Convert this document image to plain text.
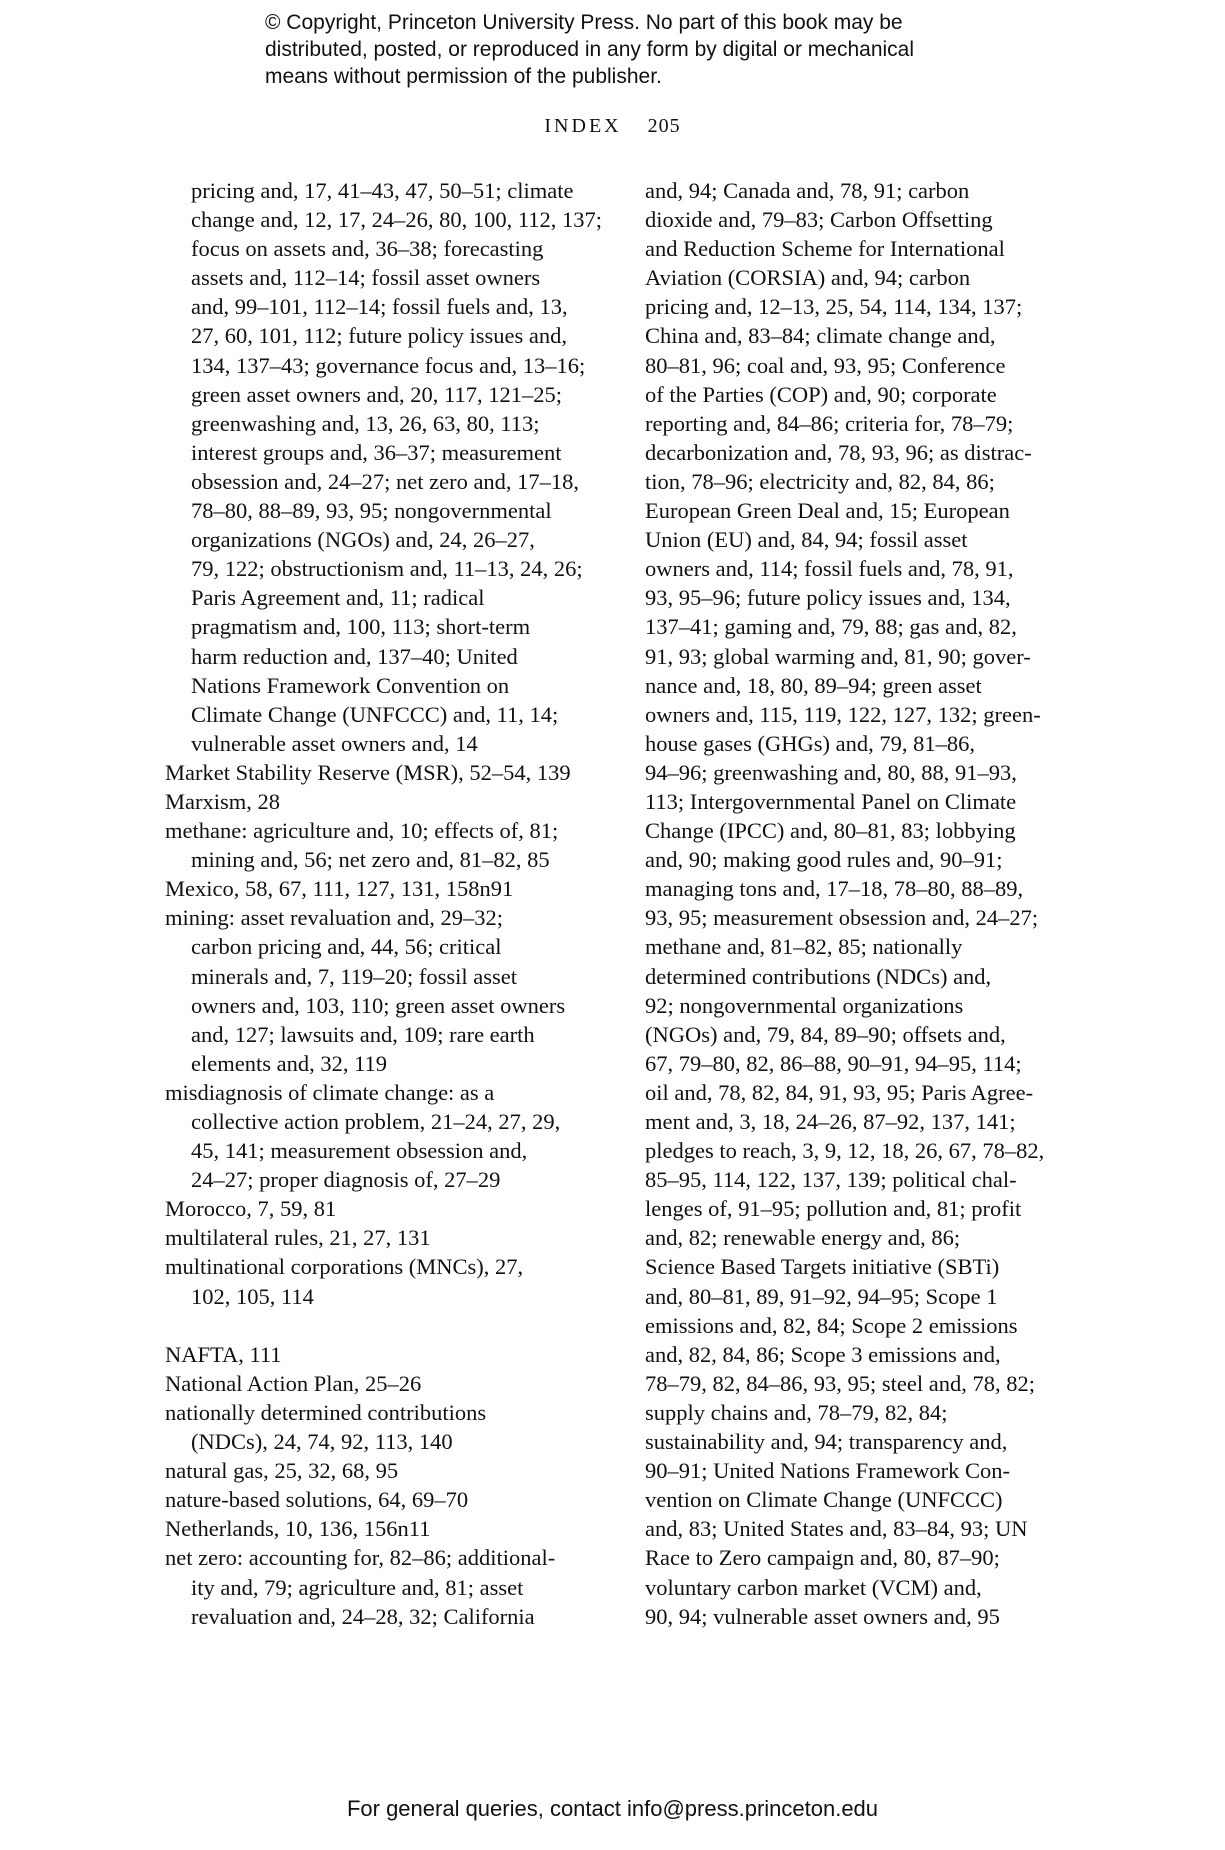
© Copyright, Princeton University Press. No part of this book may be
distributed, posted, or reproduced in any form by digital or mechanical
means without permission of the publisher.
INDEX 205
pricing and, 17, 41–43, 47, 50–51; climate
change and, 12, 17, 24–26, 80, 100, 112, 137;
focus on assets and, 36–38; forecasting
assets and, 112–14; fossil asset owners
and, 99–101, 112–14; fossil fuels and, 13,
27, 60, 101, 112; future policy issues and,
134, 137–43; governance focus and, 13–16;
green asset owners and, 20, 117, 121–25;
greenwashing and, 13, 26, 63, 80, 113;
interest groups and, 36–37; measurement
obsession and, 24–27; net zero and, 17–18,
78–80, 88–89, 93, 95; nongovernmental
organizations (NGOs) and, 24, 26–27,
79, 122; obstructionism and, 11–13, 24, 26;
Paris Agreement and, 11; radical
pragmatism and, 100, 113; short-term
harm reduction and, 137–40; United
Nations Framework Convention on
Climate Change (UNFCCC) and, 11, 14;
vulnerable asset owners and, 14
Market Stability Reserve (MSR), 52–54, 139
Marxism, 28
methane: agriculture and, 10; effects of, 81;
mining and, 56; net zero and, 81–82, 85
Mexico, 58, 67, 111, 127, 131, 158n91
mining: asset revaluation and, 29–32;
carbon pricing and, 44, 56; critical
minerals and, 7, 119–20; fossil asset
owners and, 103, 110; green asset owners
and, 127; lawsuits and, 109; rare earth
elements and, 32, 119
misdiagnosis of climate change: as a
collective action problem, 21–24, 27, 29,
45, 141; measurement obsession and,
24–27; proper diagnosis of, 27–29
Morocco, 7, 59, 81
multilateral rules, 21, 27, 131
multinational corporations (MNCs), 27,
102, 105, 114
NAFTA, 111
National Action Plan, 25–26
nationally determined contributions
(NDCs), 24, 74, 92, 113, 140
natural gas, 25, 32, 68, 95
nature-based solutions, 64, 69–70
Netherlands, 10, 136, 156n11
net zero: accounting for, 82–86; additional-
ity and, 79; agriculture and, 81; asset
revaluation and, 24–28, 32; California
and, 94; Canada and, 78, 91; carbon
dioxide and, 79–83; Carbon Offsetting
and Reduction Scheme for International
Aviation (CORSIA) and, 94; carbon
pricing and, 12–13, 25, 54, 114, 134, 137;
China and, 83–84; climate change and,
80–81, 96; coal and, 93, 95; Conference
of the Parties (COP) and, 90; corporate
reporting and, 84–86; criteria for, 78–79;
decarbonization and, 78, 93, 96; as distrac-
tion, 78–96; electricity and, 82, 84, 86;
European Green Deal and, 15; European
Union (EU) and, 84, 94; fossil asset
owners and, 114; fossil fuels and, 78, 91,
93, 95–96; future policy issues and, 134,
137–41; gaming and, 79, 88; gas and, 82,
91, 93; global warming and, 81, 90; gover-
nance and, 18, 80, 89–94; green asset
owners and, 115, 119, 122, 127, 132; green-
house gases (GHGs) and, 79, 81–86,
94–96; greenwashing and, 80, 88, 91–93,
113; Intergovernmental Panel on Climate
Change (IPCC) and, 80–81, 83; lobbying
and, 90; making good rules and, 90–91;
managing tons and, 17–18, 78–80, 88–89,
93, 95; measurement obsession and, 24–27;
methane and, 81–82, 85; nationally
determined contributions (NDCs) and,
92; nongovernmental organizations
(NGOs) and, 79, 84, 89–90; offsets and,
67, 79–80, 82, 86–88, 90–91, 94–95, 114;
oil and, 78, 82, 84, 91, 93, 95; Paris Agree-
ment and, 3, 18, 24–26, 87–92, 137, 141;
pledges to reach, 3, 9, 12, 18, 26, 67, 78–82,
85–95, 114, 122, 137, 139; political chal-
lenges of, 91–95; pollution and, 81; profit
and, 82; renewable energy and, 86;
Science Based Targets initiative (SBTi)
and, 80–81, 89, 91–92, 94–95; Scope 1
emissions and, 82, 84; Scope 2 emissions
and, 82, 84, 86; Scope 3 emissions and,
78–79, 82, 84–86, 93, 95; steel and, 78, 82;
supply chains and, 78–79, 82, 84;
sustainability and, 94; transparency and,
90–91; United Nations Framework Con-
vention on Climate Change (UNFCCC)
and, 83; United States and, 83–84, 93; UN
Race to Zero campaign and, 80, 87–90;
voluntary carbon market (VCM) and,
90, 94; vulnerable asset owners and, 95
For general queries, contact info@press.princeton.edu
